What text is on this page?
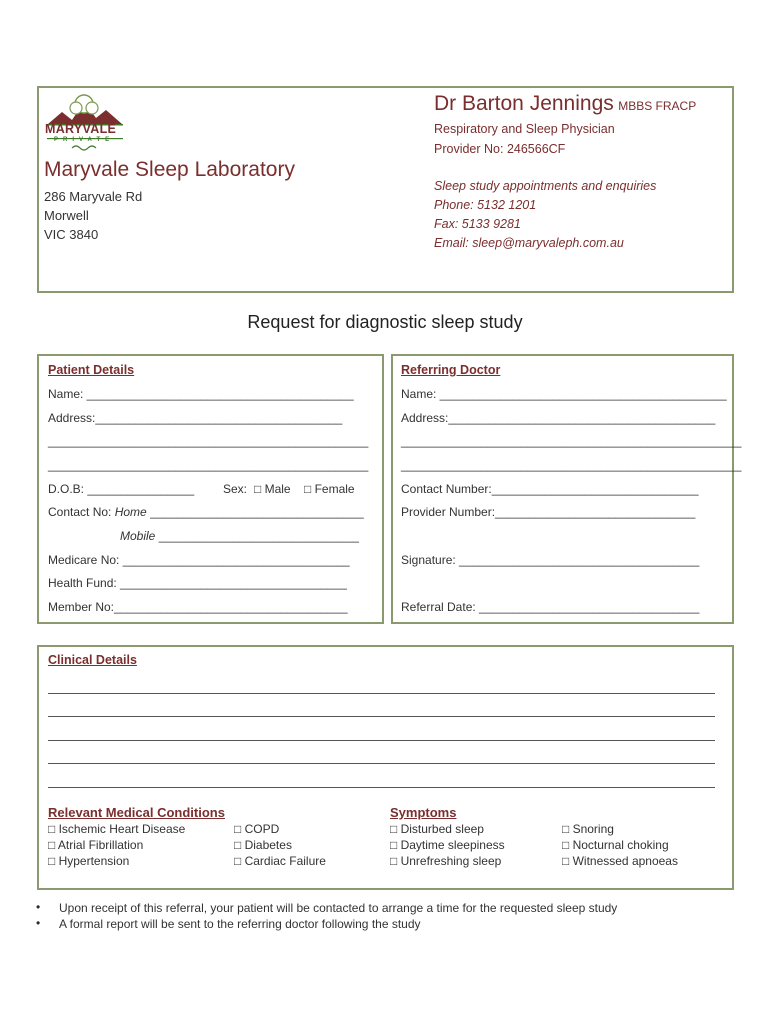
MARYVALE
PRIVATE
Maryvale Sleep Laboratory
286 Maryvale Rd
Morwell
VIC 3840
Dr Barton Jennings MBBS FRACP
Respiratory and Sleep Physician
Provider No: 246566CF
Sleep study appointments and enquiries
Phone: 5132 1201
Fax: 5133 9281
Email: sleep@maryvaleph.com.au
Request for diagnostic sleep study
Patient Details
Name: ________________________________________
Address:_____________________________________
________________________________________________
________________________________________________
D.O.B: ________________ Sex: □ Male □ Female
Contact No: Home ________________________________
Mobile ______________________________
Medicare No: __________________________________
Health Fund: __________________________________
Member No:___________________________________
Referring Doctor
Name: ___________________________________________
Address:________________________________________
___________________________________________________
___________________________________________________
Contact Number:_______________________________
Provider Number:______________________________
Signature: ____________________________________
Referral Date: _________________________________
Clinical Details
Relevant Medical Conditions
□ Ischemic Heart Disease
□ Atrial Fibrillation
□ Hypertension
□ COPD
□ Diabetes
□ Cardiac Failure
Symptoms
□ Disturbed sleep
□ Daytime sleepiness
□ Unrefreshing sleep
□ Snoring
□ Nocturnal choking
□ Witnessed apnoeas
• Upon receipt of this referral, your patient will be contacted to arrange a time for the requested sleep study
• A formal report will be sent to the referring doctor following the study
